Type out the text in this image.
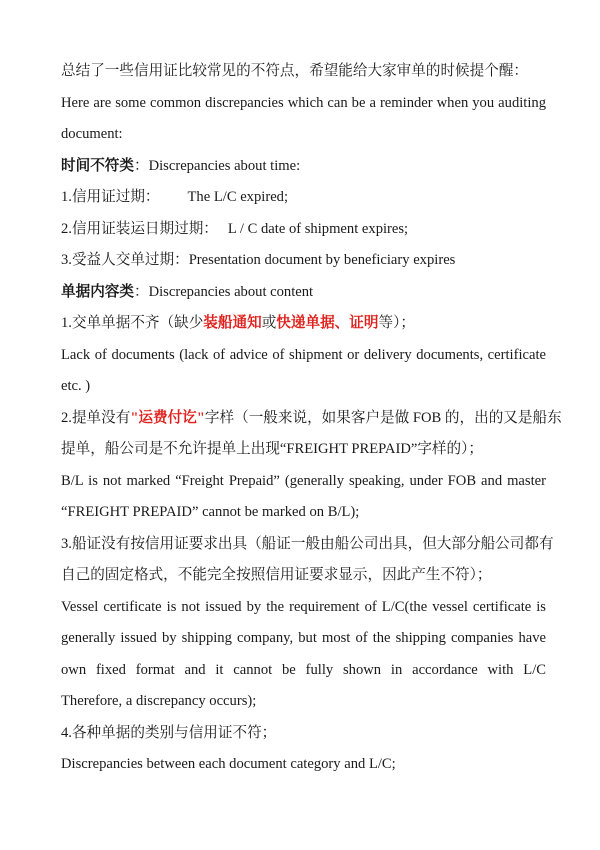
总结了一些信用证比较常见的不符点，希望能给大家审单的时候提个醒：
Here are some common discrepancies which can be a reminder when you auditing
document:
时间不符类：Discrepancies about time:
1.信用证过期： The L/C expired;
2.信用证装运日期过期： L / C date of shipment expires;
3.受益人交单过期：Presentation document by beneficiary expires
单据内容类：Discrepancies about content
1.交单单据不齐（缺少装船通知或快递单据、证明等）；
Lack of documents (lack of advice of shipment or delivery documents, certificate
etc. )
2.提单没有"运费付讫"字样（一般来说，如果客户是做 FOB 的，出的又是船东
提单，船公司是不允许提单上出现“FREIGHT PREPAID”字样的）；
B/L is not marked “Freight Prepaid” (generally speaking, under FOB and master
“FREIGHT PREPAID” cannot be marked on B/L);
3.船证没有按信用证要求出具（船证一般由船公司出具，但大部分船公司都有
自己的固定格式，不能完全按照信用证要求显示，因此产生不符）；
Vessel certificate is not issued by the requirement of L/C(the vessel certificate is
generally issued by shipping company, but most of the shipping companies have
own fixed format and it cannot be fully shown in accordance with L/C
Therefore, a discrepancy occurs);
4.各种单据的类别与信用证不符；
Discrepancies between each document category and L/C;
